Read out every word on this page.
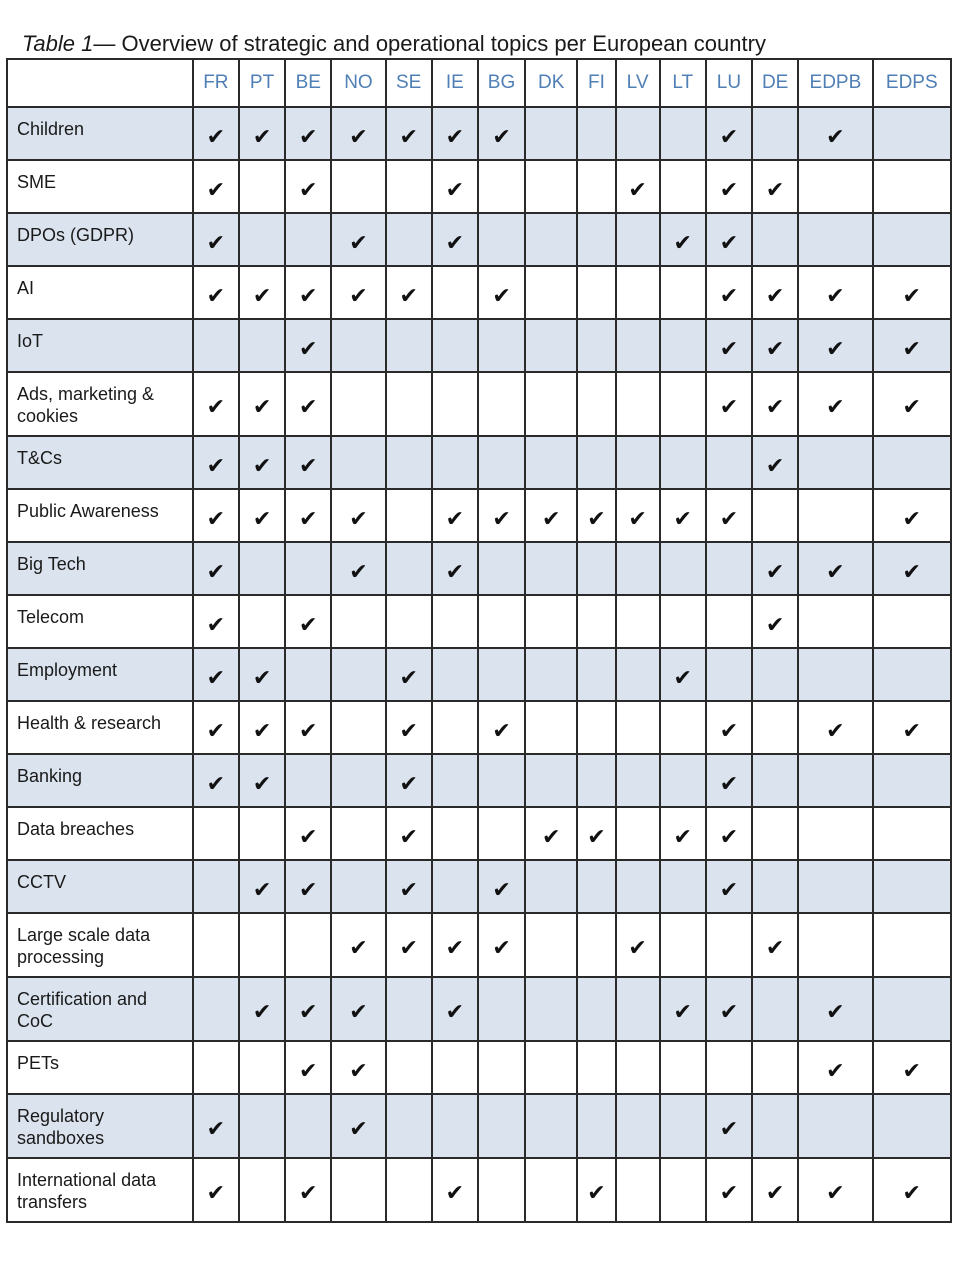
Table 1— Overview of strategic and operational topics per European country
	FR	PT	BE	NO	SE	IE	BG	DK	FI	LV	LT	LU	DE	EDPB	EDPS
Children	✔	✔	✔	✔	✔	✔	✔					✔		✔	
SME	✔		✔			✔				✔		✔	✔		
DPOs (GDPR)	✔			✔		✔					✔	✔			
AI	✔	✔	✔	✔	✔		✔					✔	✔	✔	✔
IoT			✔									✔	✔	✔	✔
Ads, marketing & cookies	✔	✔	✔									✔	✔	✔	✔
T&Cs	✔	✔	✔										✔		
Public Awareness	✔	✔	✔	✔		✔	✔	✔	✔	✔	✔	✔			✔
Big Tech	✔			✔		✔							✔	✔	✔
Telecom	✔		✔										✔		
Employment	✔	✔			✔						✔				
Health & research	✔	✔	✔		✔		✔					✔		✔	✔
Banking	✔	✔			✔							✔			
Data breaches			✔		✔			✔	✔		✔	✔			
CCTV		✔	✔		✔		✔					✔			
Large scale data processing				✔	✔	✔	✔			✔			✔		
Certification and CoC		✔	✔	✔		✔					✔	✔		✔	
PETs			✔	✔										✔	✔
Regulatory sandboxes	✔			✔								✔			
International data transfers	✔		✔			✔			✔			✔	✔	✔	✔
